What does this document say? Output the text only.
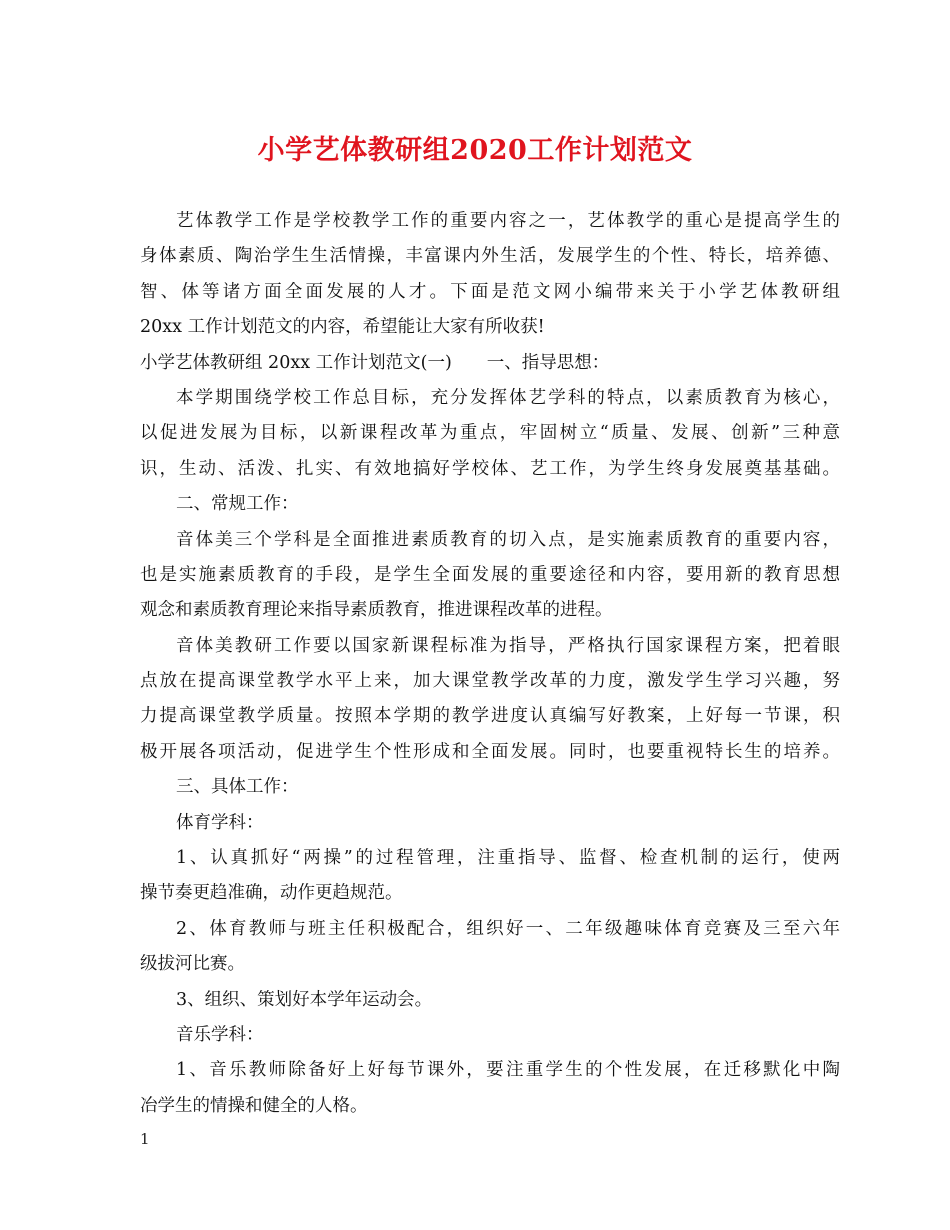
小学艺体教研组2020工作计划范文
艺体教学工作是学校教学工作的重要内容之一，艺体教学的重心是提高学生的
身体素质、陶治学生生活情操，丰富课内外生活，发展学生的个性、特长，培养德、
智、体等诸方面全面发展的人才。下面是范文网小编带来关于小学艺体教研组
20xx 工作计划范文的内容，希望能让大家有所收获!
小学艺体教研组 20xx 工作计划范文(一)　　一、指导思想：
本学期围绕学校工作总目标，充分发挥体艺学科的特点，以素质教育为核心，
以促进发展为目标，以新课程改革为重点，牢固树立“质量、发展、创新”三种意
识，生动、活泼、扎实、有效地搞好学校体、艺工作，为学生终身发展奠基基础。
二、常规工作：
音体美三个学科是全面推进素质教育的切入点，是实施素质教育的重要内容，
也是实施素质教育的手段，是学生全面发展的重要途径和内容，要用新的教育思想
观念和素质教育理论来指导素质教育，推进课程改革的进程。
音体美教研工作要以国家新课程标准为指导，严格执行国家课程方案，把着眼
点放在提高课堂教学水平上来，加大课堂教学改革的力度，激发学生学习兴趣，努
力提高课堂教学质量。按照本学期的教学进度认真编写好教案，上好每一节课，积
极开展各项活动，促进学生个性形成和全面发展。同时，也要重视特长生的培养。
三、具体工作：
体育学科：
1、认真抓好“两操”的过程管理，注重指导、监督、检查机制的运行，使两
操节奏更趋准确，动作更趋规范。
2、体育教师与班主任积极配合，组织好一、二年级趣味体育竞赛及三至六年
级拔河比赛。
3、组织、策划好本学年运动会。
音乐学科：
1、音乐教师除备好上好每节课外，要注重学生的个性发展，在迁移默化中陶
冶学生的情操和健全的人格。
1
